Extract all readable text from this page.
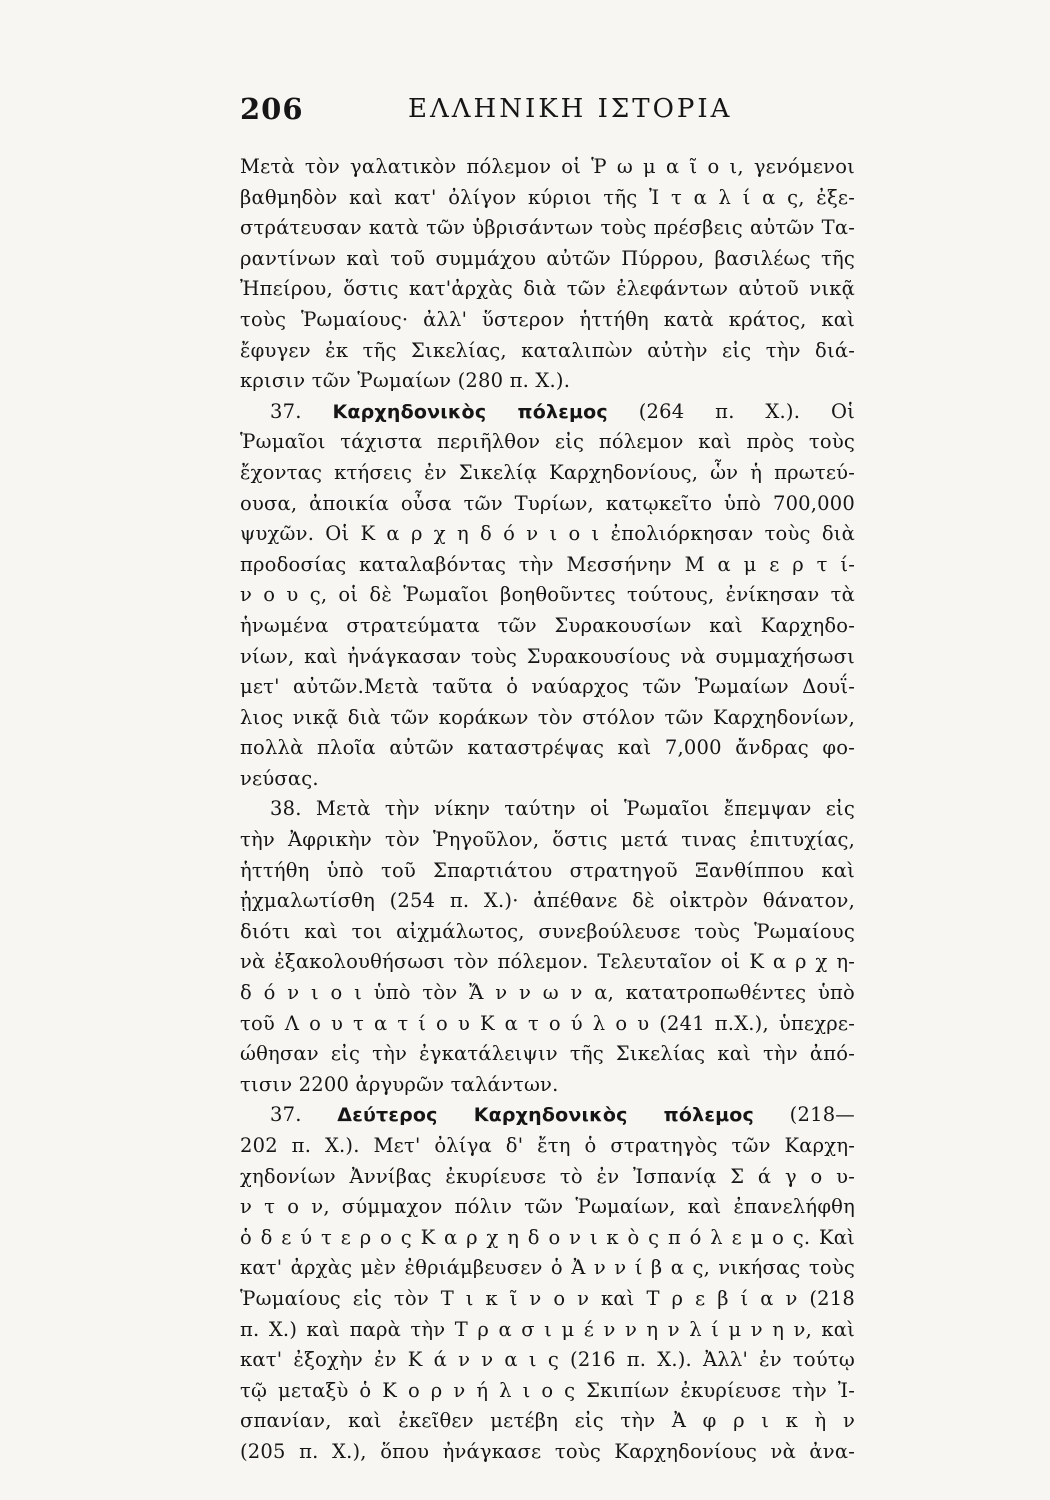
206	ΕΛΛΗΝΙΚΗ ΙΣΤΟΡΙΑ
Μετὰ τὸν γαλατικὸν πόλεμον οἱ Ῥ ω μ α ῖ ο ι, γενόμενοι
βαθμηδὸν καὶ κατ' ὀλίγον κύριοι τῆς Ἰ τ α λ ί α ς, ἐξε-
στράτευσαν κατὰ τῶν ὑβρισάντων τοὺς πρέσβεις αὐτῶν Τα-
ραντίνων καὶ τοῦ συμμάχου αὐτῶν Πύρρου, βασιλέως τῆς
Ἠπείρου, ὅστις κατ'ἀρχὰς διὰ τῶν ἐλεφάντων αὐτοῦ νικᾷ
τοὺς Ῥωμαίους· ἀλλ' ὕστερον ἡττήθη κατὰ κράτος, καὶ
ἔφυγεν ἐκ τῆς Σικελίας, καταλιπὼν αὐτὴν εἰς τὴν διά-
κρισιν τῶν Ῥωμαίων (280 π. Χ.).
37. Καρχηδονικὸς πόλεμος (264 π. Χ.). Οἱ
Ῥωμαῖοι τάχιστα περιῆλθον εἰς πόλεμον καὶ πρὸς τοὺς
ἔχοντας κτήσεις ἐν Σικελίᾳ Καρχηδονίους, ὧν ἡ πρωτεύ-
ουσα, ἀποικία οὖσα τῶν Τυρίων, κατῳκεῖτο ὑπὸ 700,000
ψυχῶν. Οἱ Κ α ρ χ η δ ό ν ι ο ι ἐπολιόρκησαν τοὺς διὰ
προδοσίας καταλαβόντας τὴν Μεσσήνην Μ α μ ε ρ τ ί-
ν ο υ ς, οἱ δὲ Ῥωμαῖοι βοηθοῦντες τούτους, ἐνίκησαν τὰ
ἡνωμένα στρατεύματα τῶν Συρακουσίων καὶ Καρχηδο-
νίων, καὶ ἠνάγκασαν τοὺς Συρακουσίους νὰ συμμαχήσωσι
μετ' αὐτῶν.Μετὰ ταῦτα ὁ ναύαρχος τῶν Ῥωμαίων Δουΐ-
λιος νικᾷ διὰ τῶν κοράκων τὸν στόλον τῶν Καρχηδονίων,
πολλὰ πλοῖα αὐτῶν καταστρέψας καὶ 7,000 ἄνδρας φο-
νεύσας.
38. Μετὰ τὴν νίκην ταύτην οἱ Ῥωμαῖοι ἔπεμψαν εἰς
τὴν Ἀφρικὴν τὸν Ῥηγοῦλον, ὅστις μετά τινας ἐπιτυχίας,
ἡττήθη ὑπὸ τοῦ Σπαρτιάτου στρατηγοῦ Ξανθίππου καὶ
ᾐχμαλωτίσθη (254 π. Χ.)· ἀπέθανε δὲ οἰκτρὸν θάνατον,
διότι καὶ τοι αἰχμάλωτος, συνεβούλευσε τοὺς Ῥωμαίους
νὰ ἐξακολουθήσωσι τὸν πόλεμον. Τελευταῖον οἱ Κ α ρ χ η-
δ ό ν ι ο ι ὑπὸ τὸν Ἄ ν ν ω ν α, κατατροπωθέντες ὑπὸ
τοῦ Λ ο υ τ α τ ί ο υ Κ α τ ο ύ λ ο υ (241 π.Χ.), ὑπεχρε-
ώθησαν εἰς τὴν ἐγκατάλειψιν τῆς Σικελίας καὶ τὴν ἀπό-
τισιν 2200 ἀργυρῶν ταλάντων.
37. Δεύτερος Καρχηδονικὸς πόλεμος (218—
202 π. Χ.). Μετ' ὀλίγα δ' ἔτη ὁ στρατηγὸς τῶν Καρχη-
χηδονίων Ἀννίβας ἐκυρίευσε τὸ ἐν Ἰσπανίᾳ Σ ά γ ο υ-
ν τ ο ν, σύμμαχον πόλιν τῶν Ῥωμαίων, καὶ ἐπανελήφθη
ὁ δ ε ύ τ ε ρ ο ς Κ α ρ χ η δ ο ν ι κ ὸ ς π ό λ ε μ ο ς. Καὶ
κατ' ἀρχὰς μὲν ἐθριάμβευσεν ὁ Ἀ ν ν ί β α ς, νικήσας τοὺς
Ῥωμαίους εἰς τὸν Τ ι κ ῖ ν ο ν καὶ Τ ρ ε β ί α ν (218
π. Χ.) καὶ παρὰ τὴν Τ ρ α σ ι μ έ ν ν η ν λ ί μ ν η ν, καὶ
κατ' ἐξοχὴν ἐν Κ ά ν ν α ι ς (216 π. Χ.). Ἀλλ' ἐν τούτῳ
τῷ μεταξὺ ὁ Κ ο ρ ν ή λ ι ο ς Σκιπίων ἐκυρίευσε τὴν Ἰ-
σπανίαν, καὶ ἐκεῖθεν μετέβη εἰς τὴν Ἀ φ ρ ι κ ὴ ν
(205 π. Χ.), ὅπου ἠνάγκασε τοὺς Καρχηδονίους νὰ ἀνα-
